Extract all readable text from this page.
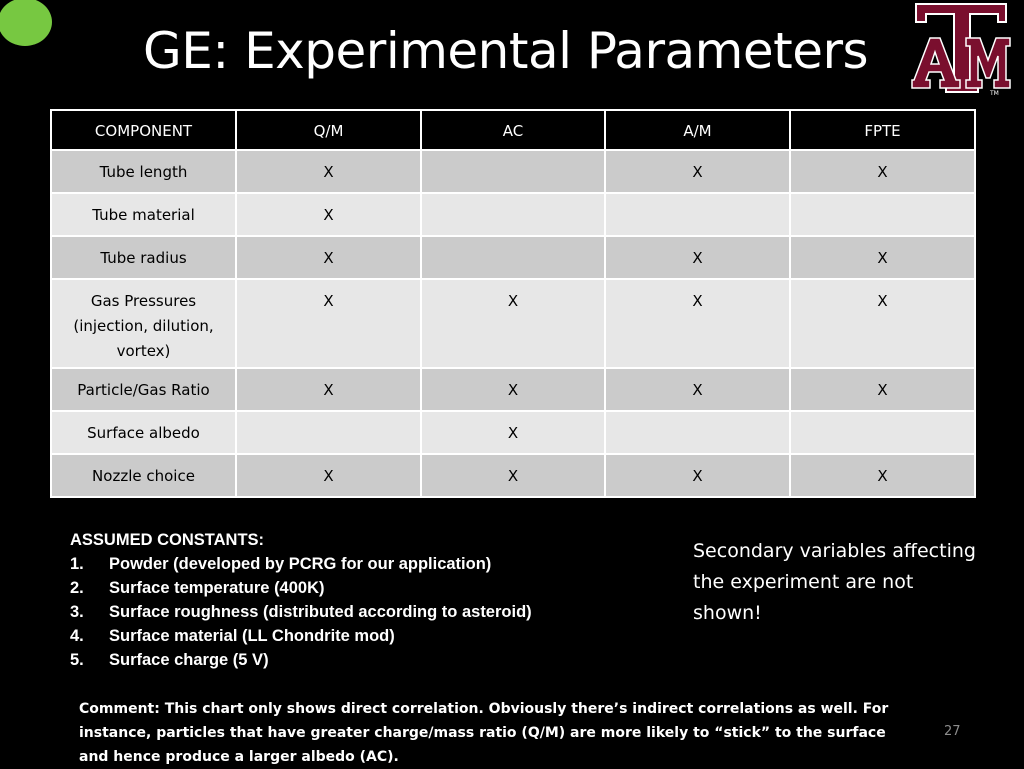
GE: Experimental Parameters
TM
COMPONENT	Q/M	AC	A/M	FPTE
Tube length	X		X	X
Tube material	X			
Tube radius	X		X	X
Gas Pressures (injection, dilution, vortex)	X	X	X	X
Particle/Gas Ratio	X	X	X	X
Surface albedo		X		
Nozzle choice	X	X	X	X

ASSUMED CONSTANTS:

1.	Powder (developed by PCRG for our application)
2.	Surface temperature (400K)
3.	Surface roughness (distributed according to asteroid)
4.	Surface material (LL Chondrite mod)
5.	Surface charge (5 V)
Secondary variables affecting the experiment are not shown!
Comment: This chart only shows direct correlation. Obviously there’s indirect correlations as well. For instance, particles that have greater charge/mass ratio (Q/M) are more likely to “stick” to the surface and hence produce a larger albedo (AC).
27
